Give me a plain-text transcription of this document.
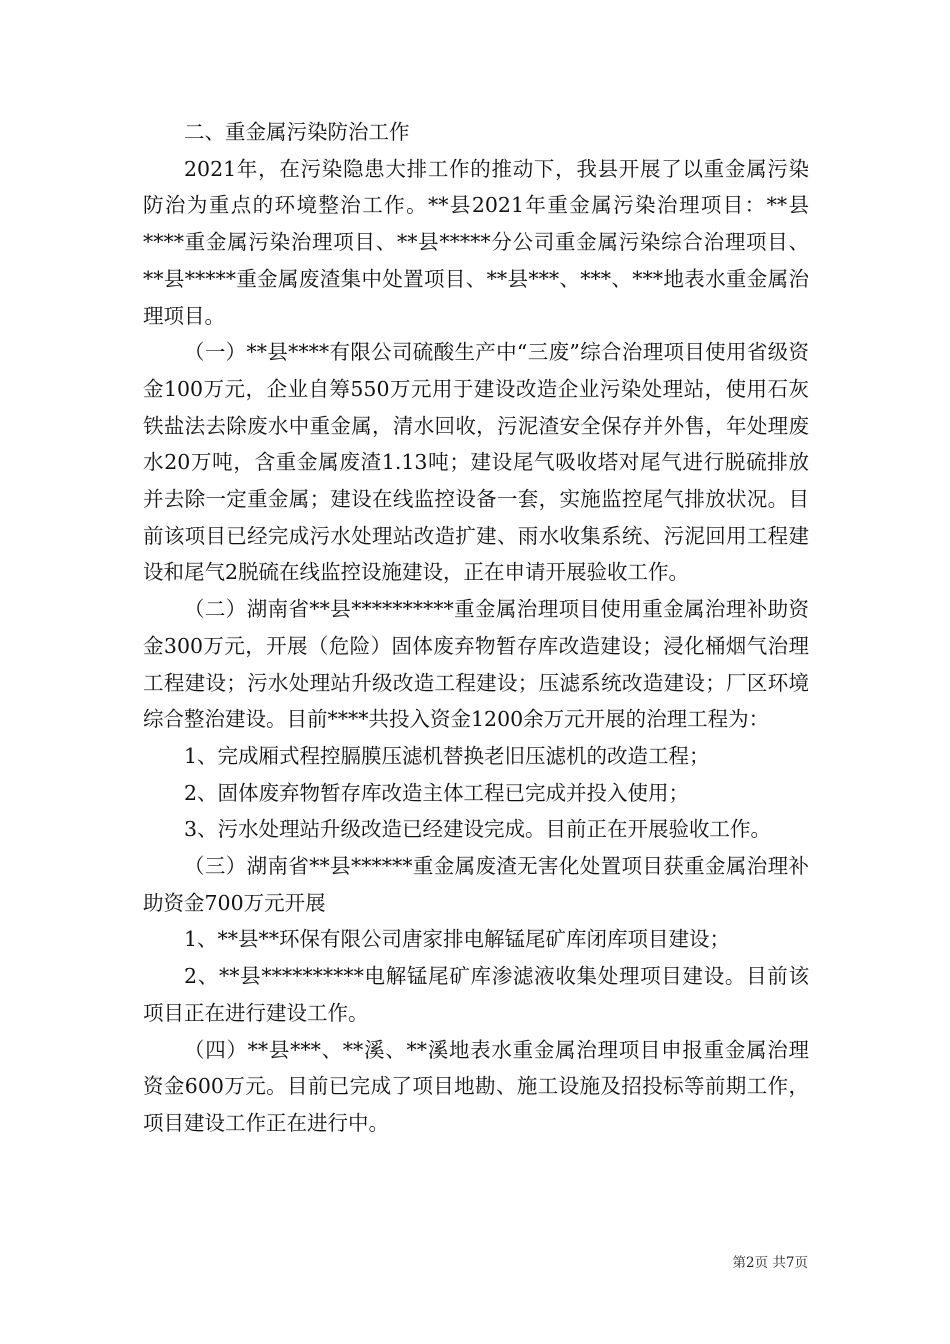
二、重金属污染防治工作

2021年，在污染隐患大排工作的推动下，我县开展了以重金属污染防治为重点的环境整治工作。**县2021年重金属污染治理项目：**县****重金属污染治理项目、**县*****分公司重金属污染综合治理项目、**县*****重金属废渣集中处置项目、**县***、***、***地表水重金属治理项目。

（一）**县****有限公司硫酸生产中“三废”综合治理项目使用省级资金100万元，企业自筹550万元用于建设改造企业污染处理站，使用石灰铁盐法去除废水中重金属，清水回收，污泥渣安全保存并外售，年处理废水20万吨，含重金属废渣1.13吨；建设尾气吸收塔对尾气进行脱硫排放并去除一定重金属；建设在线监控设备一套，实施监控尾气排放状况。目前该项目已经完成污水处理站改造扩建、雨水收集系统、污泥回用工程建设和尾气2脱硫在线监控设施建设，正在申请开展验收工作。

（二）湖南省**县**********重金属治理项目使用重金属治理补助资金300万元，开展（危险）固体废弃物暂存库改造建设；浸化桶烟气治理工程建设；污水处理站升级改造工程建设；压滤系统改造建设；厂区环境综合整治建设。目前****共投入资金1200余万元开展的治理工程为：

1、完成厢式程控膈膜压滤机替换老旧压滤机的改造工程；

2、固体废弃物暂存库改造主体工程已完成并投入使用；

3、污水处理站升级改造已经建设完成。目前正在开展验收工作。

（三）湖南省**县******重金属废渣无害化处置项目获重金属治理补助资金700万元开展

1、**县**环保有限公司唐家排电解锰尾矿库闭库项目建设；

2、**县**********电解锰尾矿库渗滤液收集处理项目建设。目前该项目正在进行建设工作。

（四）**县***、**溪、**溪地表水重金属治理项目申报重金属治理资金600万元。目前已完成了项目地勘、施工设施及招投标等前期工作，项目建设工作正在进行中。

第2页 共7页
